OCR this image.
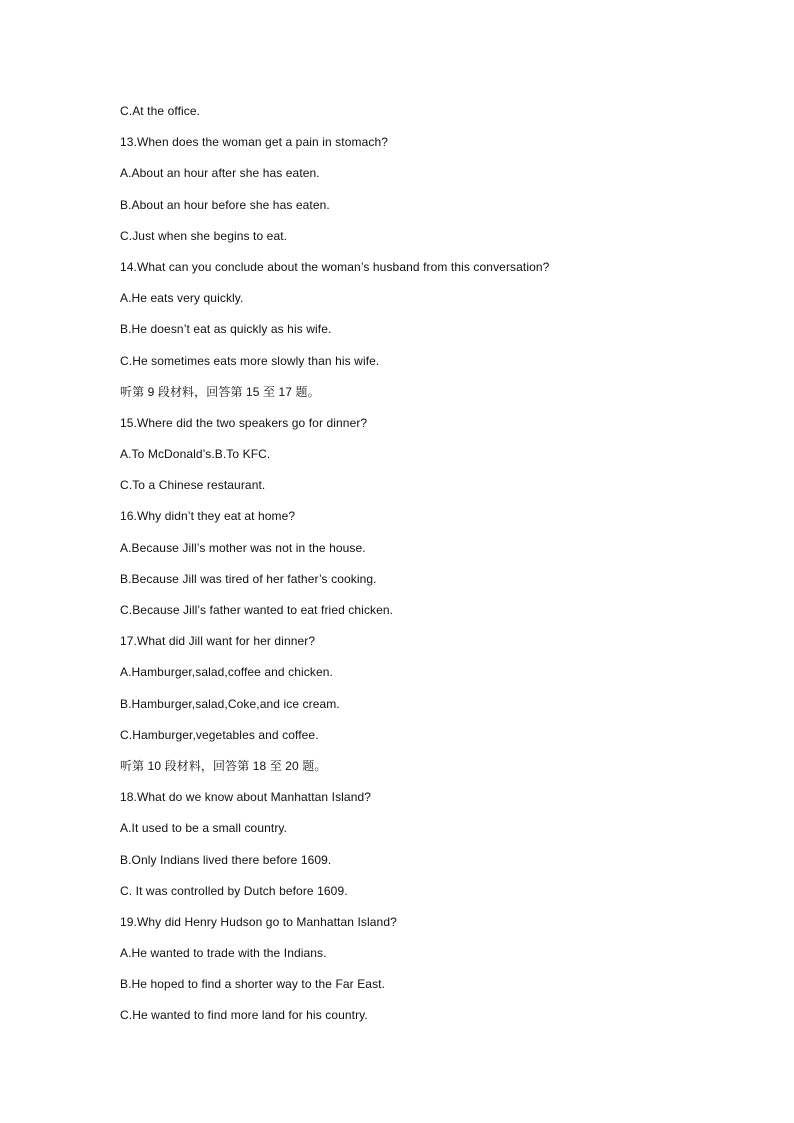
C.At the office.
13.When does the woman get a pain in stomach?
A.About an hour after she has eaten.
B.About an hour before she has eaten.
C.Just when she begins to eat.
14.What can you conclude about the woman’s husband from this conversation?
A.He eats very quickly.
B.He doesn’t eat as quickly as his wife.
C.He sometimes eats more slowly than his wife.
听第 9 段材料，回答第 15 至 17 题。
15.Where did the two speakers go for dinner?
A.To McDonald’s.B.To KFC.
C.To a Chinese restaurant.
16.Why didn’t they eat at home?
A.Because Jill’s mother was not in the house.
B.Because Jill was tired of her father’s cooking.
C.Because Jill’s father wanted to eat fried chicken.
17.What did Jill want for her dinner?
A.Hamburger,salad,coffee and chicken.
B.Hamburger,salad,Coke,and ice cream.
C.Hamburger,vegetables and coffee.
听第 10 段材料，回答第 18 至 20 题。
18.What do we know about Manhattan Island?
A.It used to be a small country.
B.Only Indians lived there before 1609.
C. It was controlled by Dutch before 1609.
19.Why did Henry Hudson go to Manhattan Island?
A.He wanted to trade with the Indians.
B.He hoped to find a shorter way to the Far East.
C.He wanted to find more land for his country.
